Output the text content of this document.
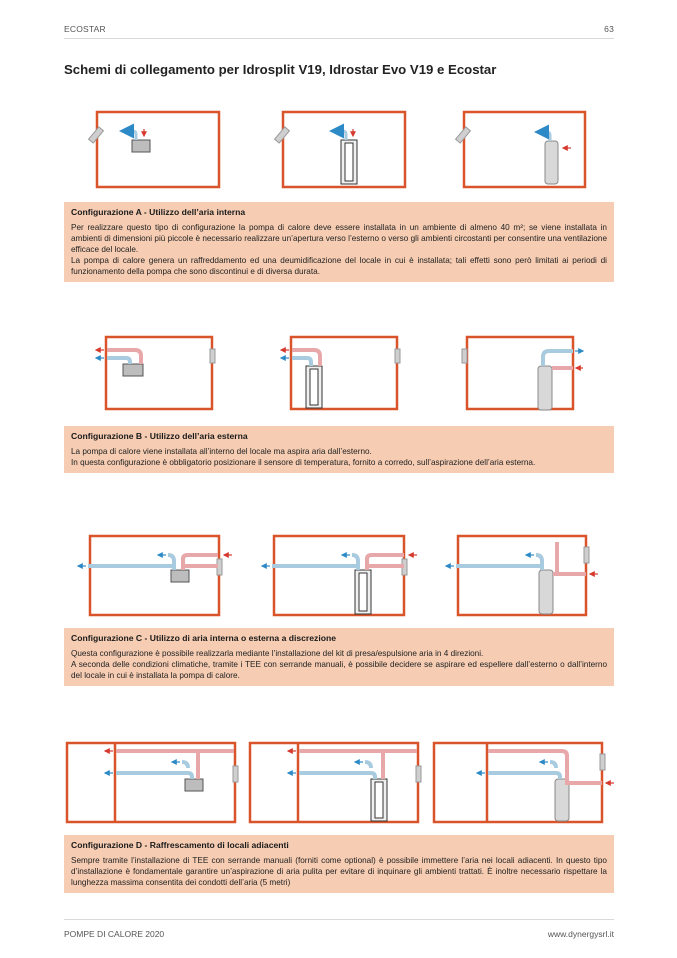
ECOSTAR	63
Schemi di collegamento per Idrosplit V19, Idrostar Evo V19 e Ecostar
Configurazione A - Utilizzo dell’aria interna

Per realizzare questo tipo di configurazione la pompa di calore deve essere installata in un ambiente di almeno 40 m²; se viene installata in ambienti di dimensioni più piccole è necessario realizzare un’apertura verso l’esterno o verso gli ambienti circostanti per consentire una ventilazione efficace del locale.

La pompa di calore genera un raffreddamento ed una deumidificazione del locale in cui è installata; tali effetti sono però limitati ai periodi di funzionamento della pompa che sono discontinui e di diversa durata.

Configurazione B - Utilizzo dell’aria esterna

La pompa di calore viene installata all’interno del locale ma aspira aria dall’esterno.

In questa configurazione è obbligatorio posizionare il sensore di temperatura, fornito a corredo, sull’aspirazione dell’aria esterna.

Configurazione C - Utilizzo di aria interna o esterna a discrezione

Questa configurazione è possibile realizzarla mediante l’installazione del kit di presa/espulsione aria in 4 direzioni.

A seconda delle condizioni climatiche, tramite i TEE con serrande manuali, è possibile decidere se aspirare ed espellere dall’esterno o dall’interno del locale in cui è installata la pompa di calore.

Configurazione D - Raffrescamento di locali adiacenti

Sempre tramite l’installazione di TEE con serrande manuali (forniti come optional) è possibile immettere l’aria nei locali adiacenti. In questo tipo d’installazione è fondamentale garantire un’aspirazione di aria pulita per evitare di inquinare gli ambienti trattati. È inoltre necessario rispettare la lunghezza massima consentita dei condotti dell’aria (5 metri)

POMPE DI CALORE 2020	www.dynergysrl.it
